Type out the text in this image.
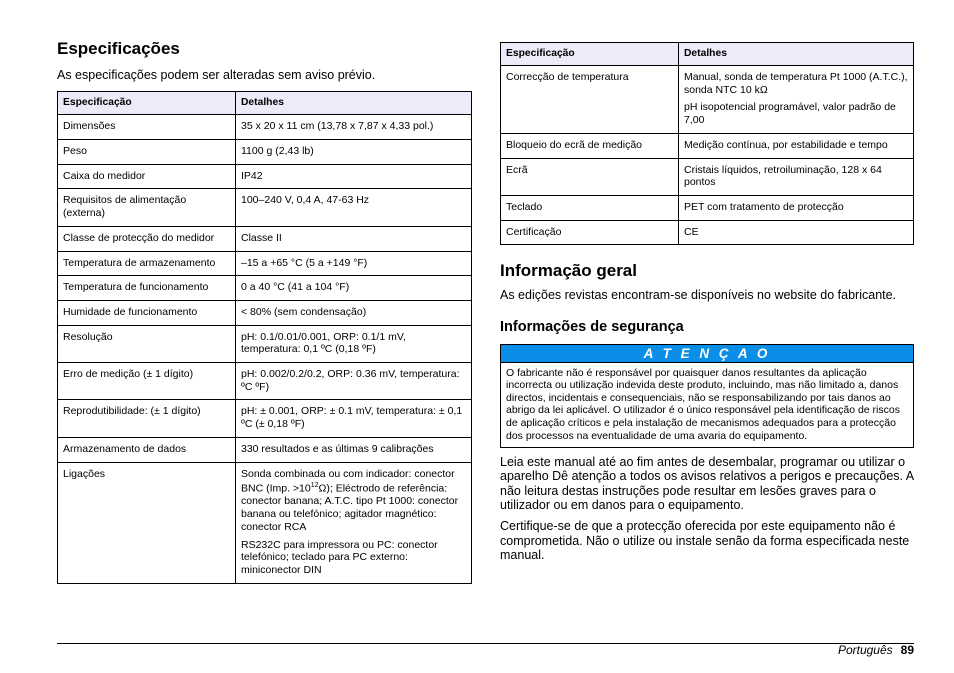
Especificações

As especificações podem ser alteradas sem aviso prévio.

Especificação	Detalhes
Dimensões	35 x 20 x 11 cm (13,78 x 7,87 x 4,33 pol.)
Peso	1100 g (2,43 lb)
Caixa do medidor	IP42
Requisitos de alimentação (externa)	100–240 V, 0,4 A, 47-63 Hz
Classe de protecção do medidor	Classe II
Temperatura de armazenamento	–15 a +65 °C (5 a +149 °F)
Temperatura de funcionamento	0 a 40 °C (41 a 104 °F)
Humidade de funcionamento	< 80% (sem condensação)
Resolução	pH: 0.1/0.01/0.001, ORP: 0.1/1 mV, temperatura: 0,1 ºC (0,18 ºF)
Erro de medição (± 1 dígito)	pH: 0.002/0.2/0.2, ORP: 0.36 mV, temperatura: ºC ºF)
Reprodutibilidade: (± 1 dígito)	pH: ± 0.001, ORP: ± 0.1 mV, temperatura: ± 0,1 ºC (± 0,18 ºF)
Armazenamento de dados	330 resultados e as últimas 9 calibrações
Ligações	Sonda combinada ou com indicador: conector BNC (Imp. $>10^{12}\Omega$); Eléctrodo de referência: conector banana; A.T.C. tipo Pt 1000: conector banana ou telefónico; agitador magnético: conector RCA
RS232C para impressora ou PC: conector telefónico; teclado para PC externo: miniconector DIN
Especificação	Detalhes
Correcção de temperatura	Manual, sonda de temperatura Pt 1000 (A.T.C.), sonda NTC 10 kΩ
pH isopotencial programável, valor padrão de 7,00

Bloqueio do ecrã de medição	Medição contínua, por estabilidade e tempo
Ecrã	Cristais líquidos, retroiluminação, 128 x 64 pontos
Teclado	PET com tratamento de protecção
Certificação	CE
Informação geral

As edições revistas encontram-se disponíveis no website do fabricante.

Informações de segurança
A T E N Ç A O
O fabricante não é responsável por quaisquer danos resultantes da aplicação incorrecta ou utilização indevida deste produto, incluindo, mas não limitado a, danos directos, incidentais e consequenciais, não se responsabilizando por tais danos ao abrigo da lei aplicável. O utilizador é o único responsável pela identificação de riscos de aplicação críticos e pela instalação de mecanismos adequados para a protecção dos processos na eventualidade de uma avaria do equipamento.

Leia este manual até ao fim antes de desembalar, programar ou utilizar o aparelho Dê atenção a todos os avisos relativos a perigos e precauções. A não leitura destas instruções pode resultar em lesões graves para o utilizador ou em danos para o equipamento.

Certifique-se de que a protecção oferecida por este equipamento não é comprometida. Não o utilize ou instale senão da forma especificada neste manual.

Português 89
